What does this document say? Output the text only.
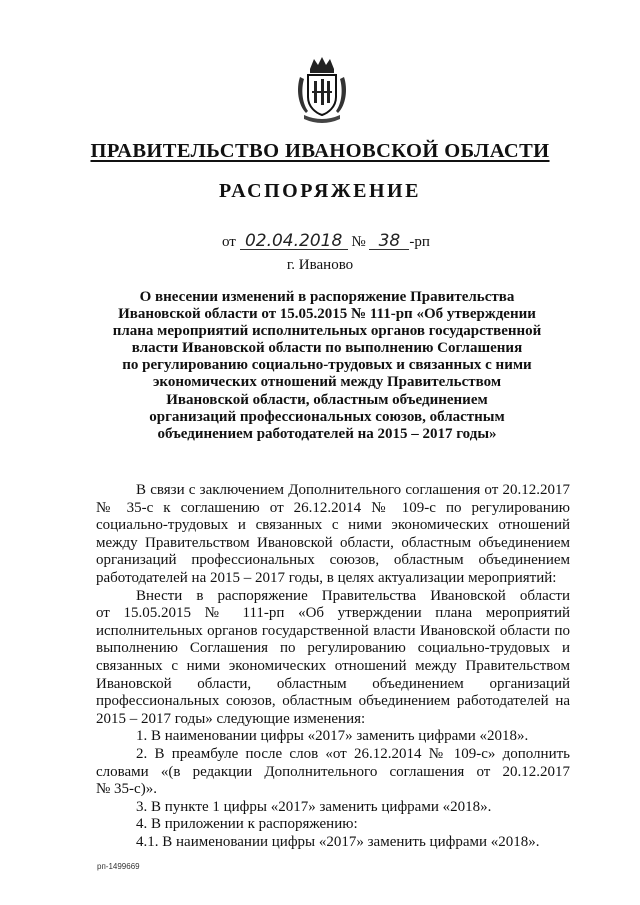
ПРАВИТЕЛЬСТВО ИВАНОВСКОЙ ОБЛАСТИ
РАСПОРЯЖЕНИЕ
от 02.04.2018 № 38 -рп
г. Иваново
О внесении изменений в распоряжение Правительства
Ивановской области от 15.05.2015 № 111-рп «Об утверждении
плана мероприятий исполнительных органов государственной
власти Ивановской области по выполнению Соглашения
по регулированию социально-трудовых и связанных с ними
экономических отношений между Правительством
Ивановской области, областным объединением
организаций профессиональных союзов, областным
объединением работодателей на 2015 – 2017 годы»
В связи с заключением Дополнительного соглашения от 20.12.2017
№ 35-с к соглашению от 26.12.2014 № 109-с по регулированию
социально-трудовых и связанных с ними экономических отношений
между Правительством Ивановской области, областным объединением
организаций профессиональных союзов, областным объединением
работодателей на 2015 – 2017 годы, в целях актуализации мероприятий:
Внести в распоряжение Правительства Ивановской области
от 15.05.2015 № 111-рп «Об утверждении плана мероприятий
исполнительных органов государственной власти Ивановской области по
выполнению Соглашения по регулированию социально-трудовых и
связанных с ними экономических отношений между Правительством
Ивановской области, областным объединением организаций
профессиональных союзов, областным объединением работодателей на
2015 – 2017 годы» следующие изменения:
1. В наименовании цифры «2017» заменить цифрами «2018».
2. В преамбуле после слов «от 26.12.2014 № 109-с» дополнить
словами «(в редакции Дополнительного соглашения от 20.12.2017
№ 35-с)».
3. В пункте 1 цифры «2017» заменить цифрами «2018».
4. В приложении к распоряжению:
4.1. В наименовании цифры «2017» заменить цифрами «2018».
рп-1499669
